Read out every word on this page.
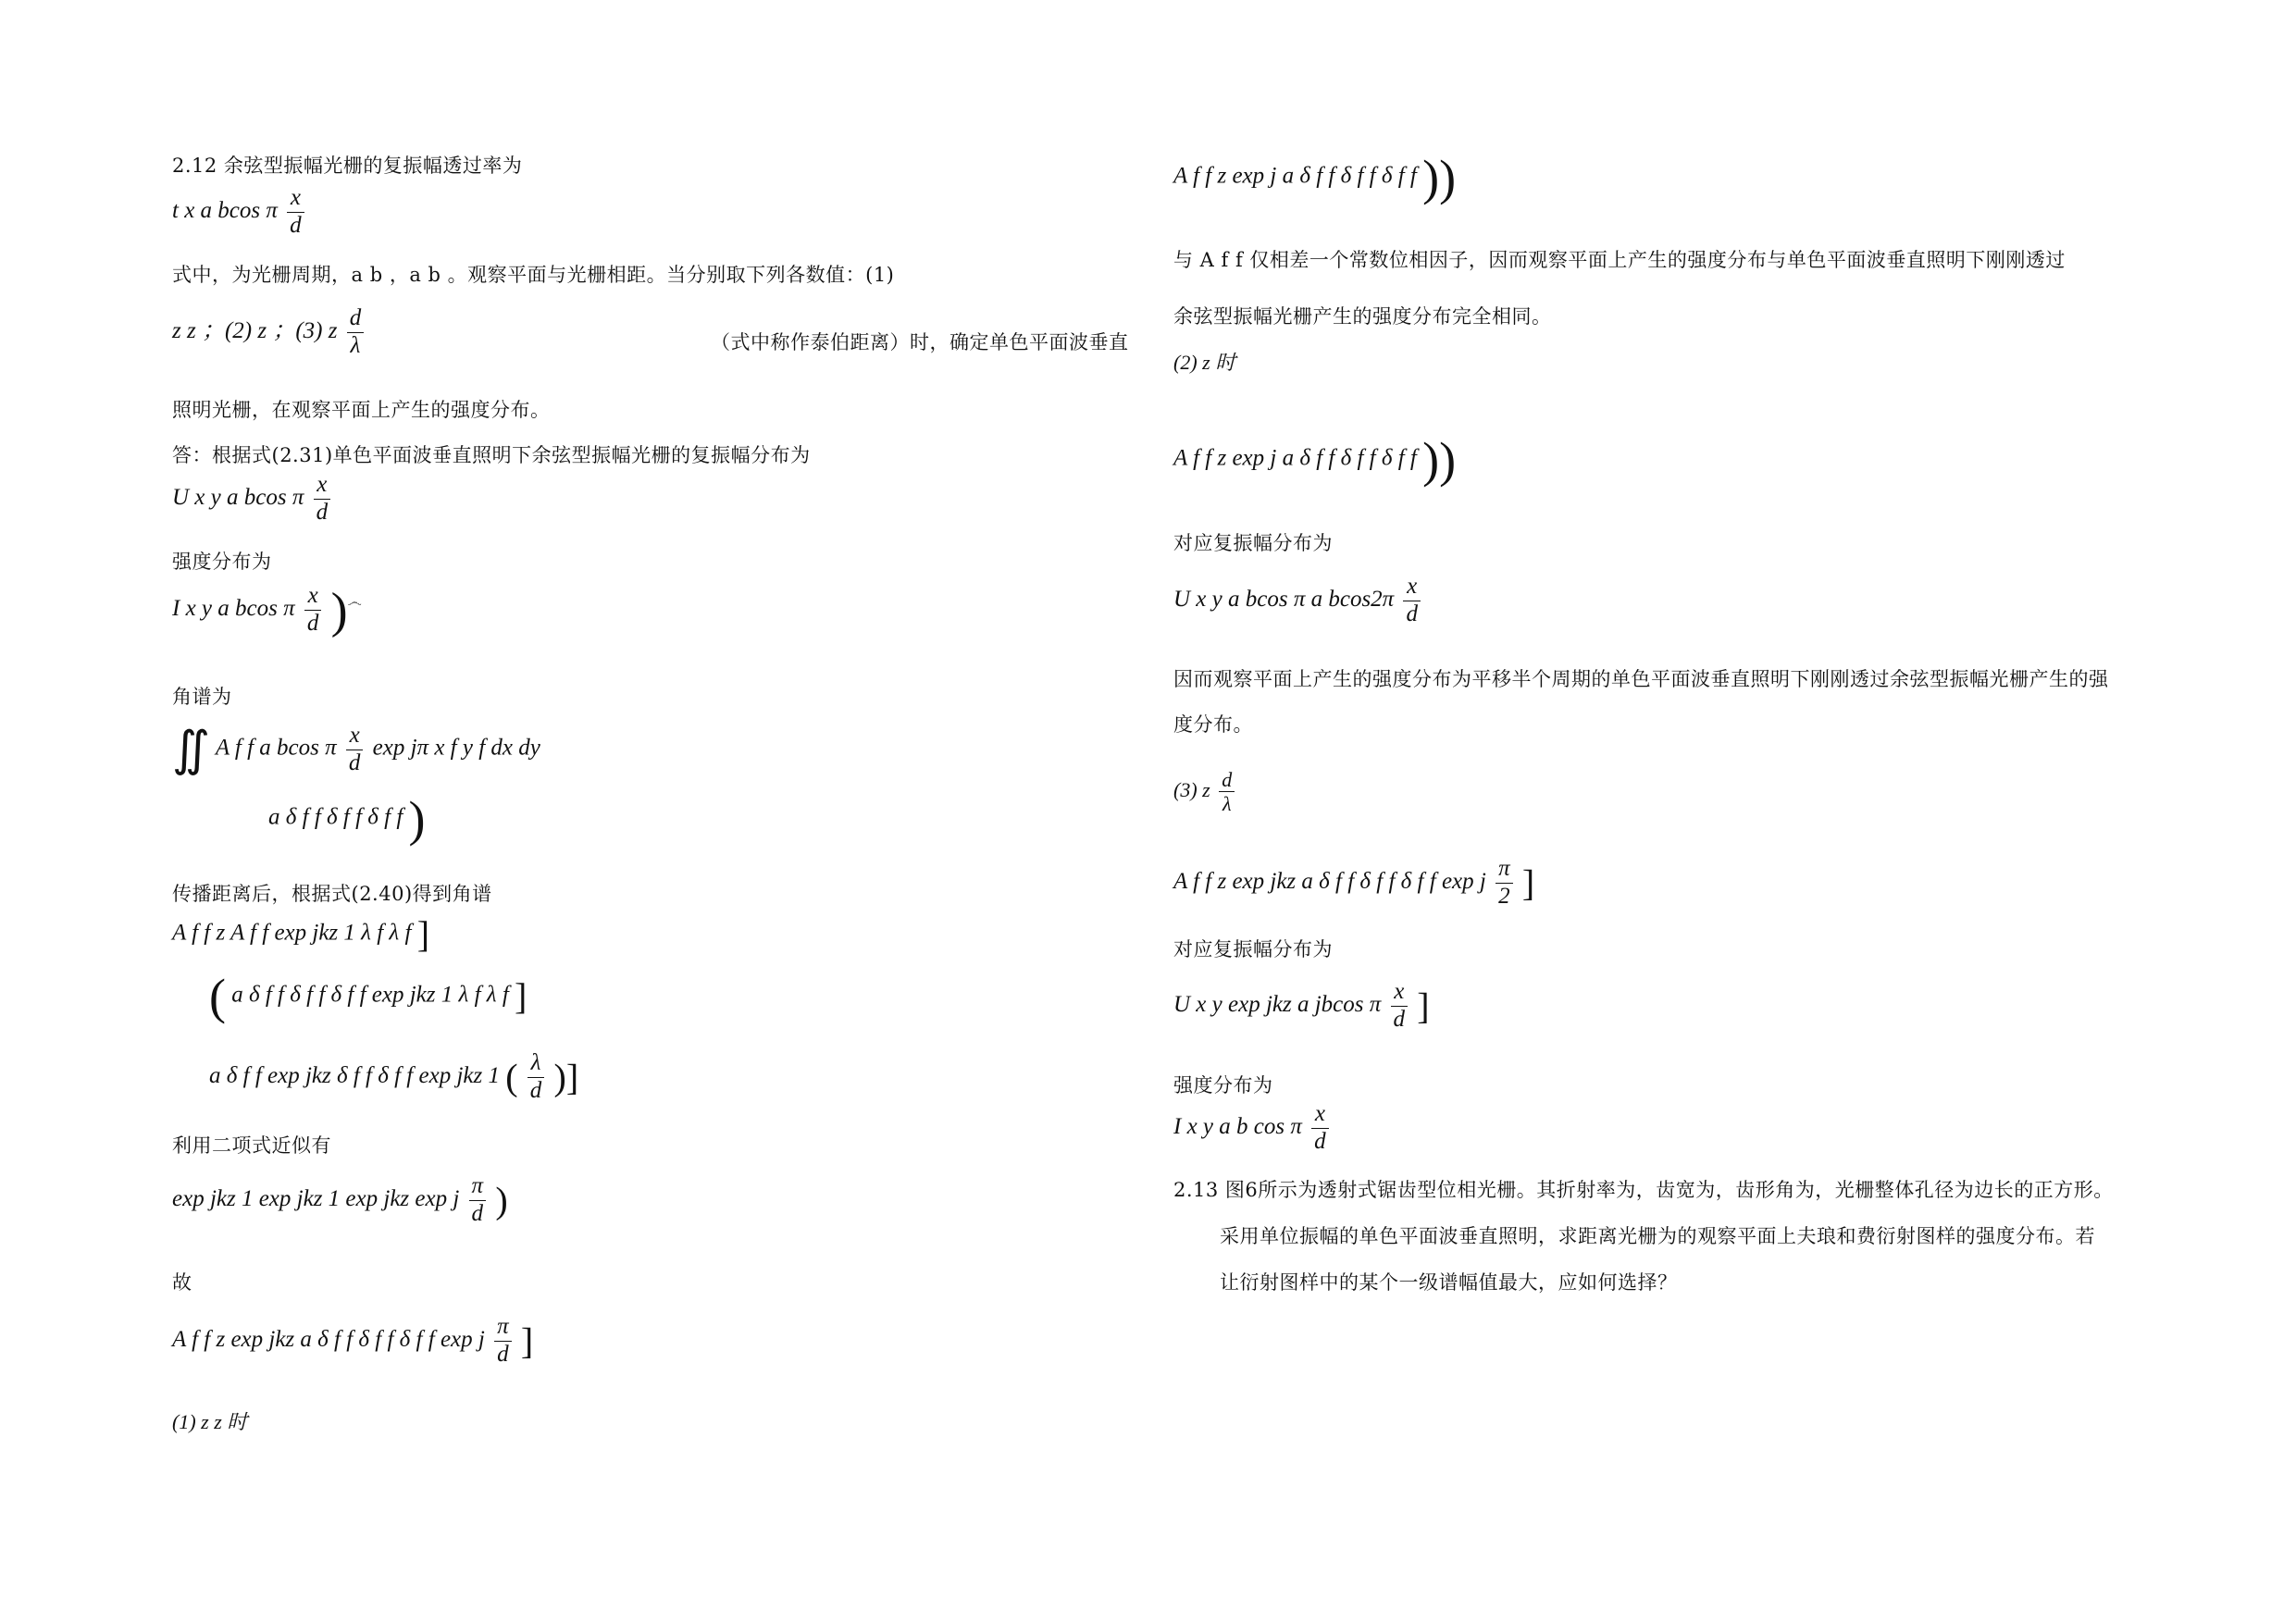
2.12 余弦型振幅光栅的复振幅透过率为
t x a bcos π $\frac{x}{d}$
式中，为光栅周期，a b ，a b 。观察平面与光栅相距。当分别取下列各数值：(1)
z z ；(2) z ；(3) z $\frac{d}{\lambda}$	（式中称作泰伯距离）时，确定单色平面波垂直
照明光栅，在观察平面上产生的强度分布。
答：根据式(2.31)单色平面波垂直照明下余弦型振幅光栅的复振幅分布为
U x y a bcos π $\frac{x}{d}$
强度分布为
I x y a bcos π $\frac{x}{d} )^෴$
角谱为
∬ A f f a bcos π $\frac{x}{d}$ exp jπ x f y f dx dy
a δ f f δ f f δ f f )
传播距离后，根据式(2.40)得到角谱
A f f z A f f exp jkz 1 λ f λ f ]
( a δ f f δ f f δ f f exp jkz 1 λ f λ f ]
a δ f f exp jkz δ f f δ f f exp jkz 1 ( $\frac{\lambda}{d}$ )]
利用二项式近似有
exp jkz 1 exp jkz 1 exp jkz exp j $\frac{\pi}{d}$ )
故
A f f z exp jkz a δ f f δ f f δ f f exp j $\frac{\pi}{d}$ ]
(1) z z 时
A f f z exp j a δ f f δ f f δ f f ))
与 A f f 仅相差一个常数位相因子，因而观察平面上产生的强度分布与单色平面波垂直照明下刚刚透过
余弦型振幅光栅产生的强度分布完全相同。
(2) z 时
A f f z exp j a δ f f δ f f δ f f ))
对应复振幅分布为
U x y a bcos π a $bcos2\pi \frac{x}{d}$
因而观察平面上产生的强度分布为平移半个周期的单色平面波垂直照明下刚刚透过余弦型振幅光栅产生的强
度分布。
(3) z $\frac{d}{\lambda}$
A f f z exp jkz a δ f f δ f f δ f f exp j $\frac{\pi}{2}$ ]
对应复振幅分布为
U x y exp jkz a jbcos π $\frac{x}{d}$ ]
强度分布为
I x y a b cos π $\frac{x}{d}$
2.13 图6所示为透射式锯齿型位相光栅。其折射率为，齿宽为，齿形角为，光栅整体孔径为边长的正方形。
采用单位振幅的单色平面波垂直照明，求距离光栅为的观察平面上夫琅和费衍射图样的强度分布。若
让衍射图样中的某个一级谱幅值最大，应如何选择？
